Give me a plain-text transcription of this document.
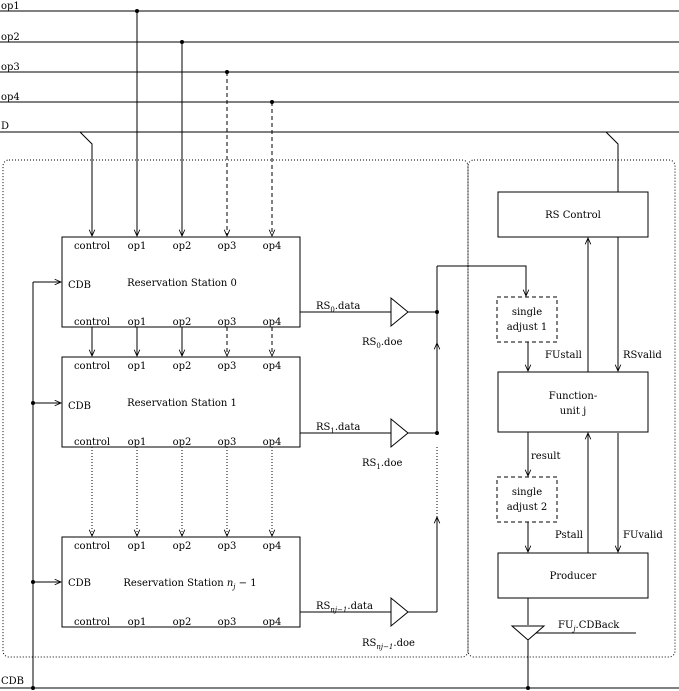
op1
op2
op3
op4
D
control op1	op2	op3	op4
CDB	Reservation Station 0
control op1	op2	op3	op4
control op1	op2	op3	op4
CDB	Reservation Station 1
control op1	op2	op3	op4
control op1	op2	op3	op4
CDB	Reservation Station $n_j - 1$
control op1	op2	op3	op4
CDB
$RS_0.data$
$RS_0.doe$
$RS_1.data$
$RS_1.doe$
$RS_{nj-1}.data$
$RS_{nj-1}.doe$
RS Control
single
adjust 1
Function-
unit j
single
adjust 2
Producer
FUstall	RSvalid
result
Pstall	FUvalid
$FU_j.CDBack$
